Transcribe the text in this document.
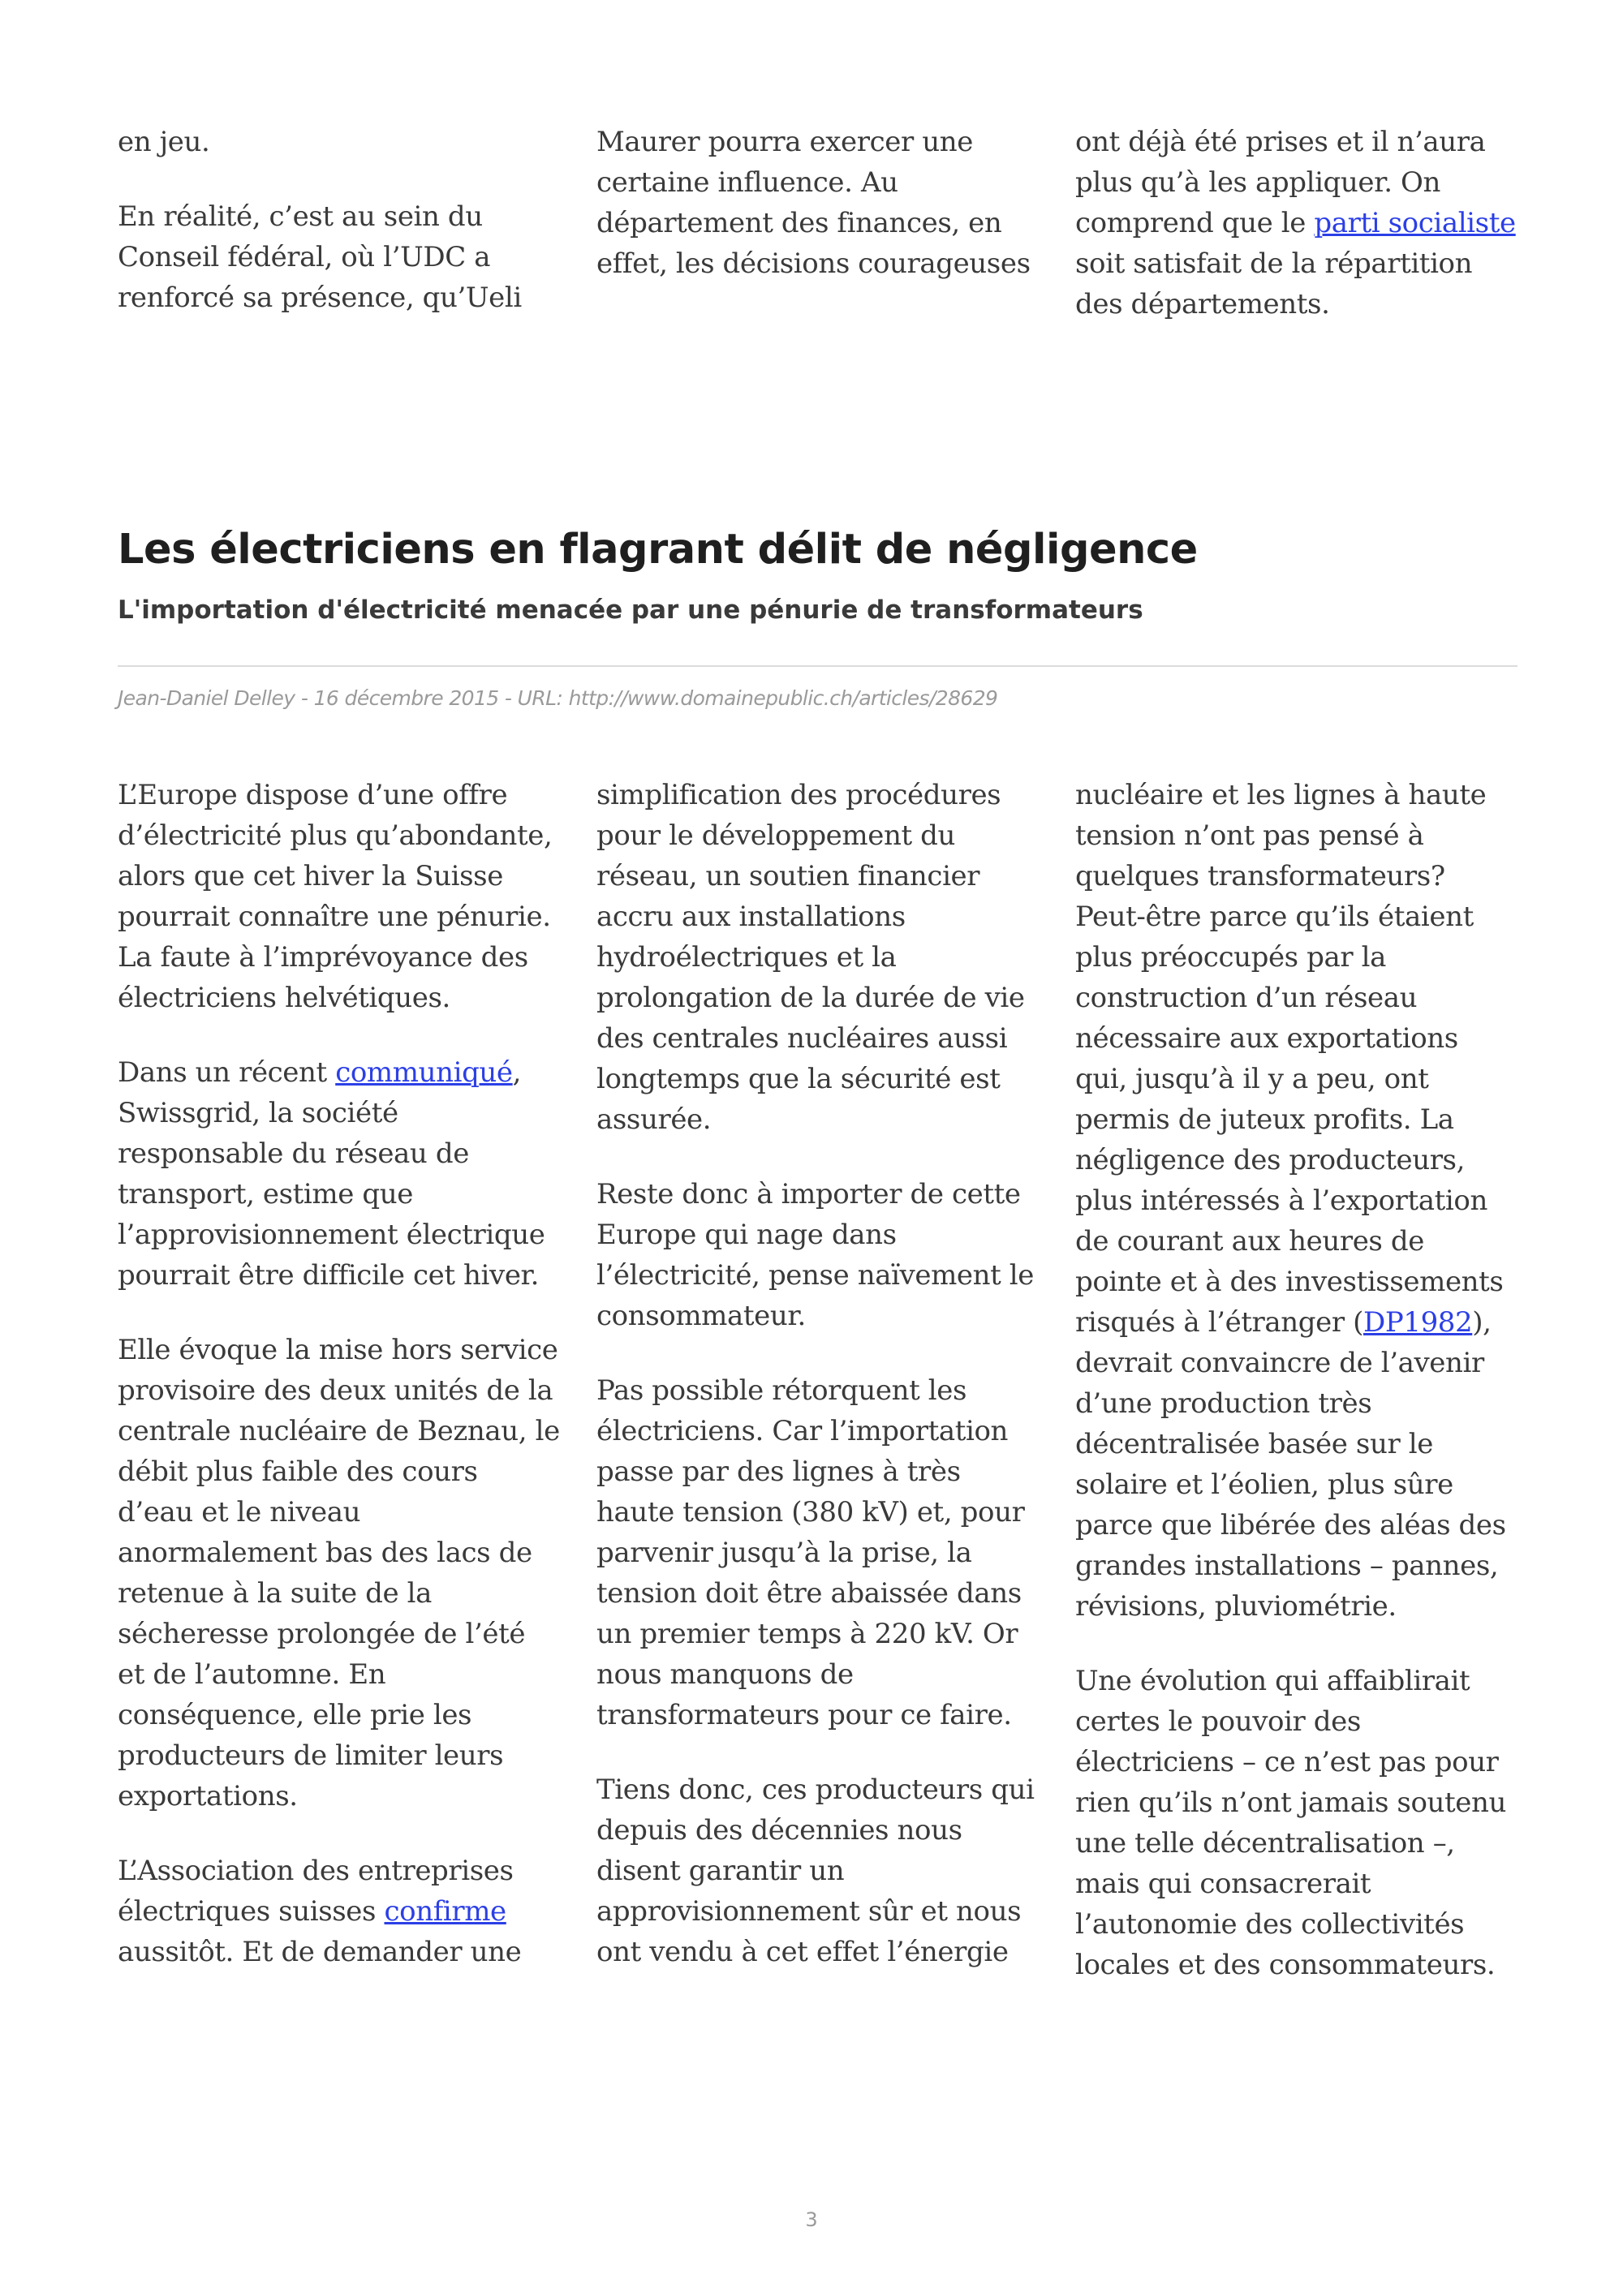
en jeu.

En réalité, c’est au sein du Conseil fédéral, où l’UDC a renforcé sa présence, qu’Ueli

Maurer pourra exercer une certaine influence. Au département des finances, en effet, les décisions courageuses

ont déjà été prises et il n’aura plus qu’à les appliquer. On comprend que le parti socialiste soit satisfait de la répartition des départements.

Les électriciens en flagrant délit de négligence
L'importation d'électricité menacée par une pénurie de transformateurs
Jean-Daniel Delley - 16 décembre 2015 - URL: http://www.domainepublic.ch/articles/28629

L’Europe dispose d’une offre d’électricité plus qu’abondante, alors que cet hiver la Suisse pourrait connaître une pénurie. La faute à l’imprévoyance des électriciens helvétiques.

Dans un récent communiqué, Swissgrid, la société responsable du réseau de transport, estime que l’approvisionnement électrique pourrait être difficile cet hiver.

Elle évoque la mise hors service provisoire des deux unités de la centrale nucléaire de Beznau, le débit plus faible des cours d’eau et le niveau anormalement bas des lacs de retenue à la suite de la sécheresse prolongée de l’été et de l’automne. En conséquence, elle prie les producteurs de limiter leurs exportations.

L’Association des entreprises électriques suisses confirme aussitôt. Et de demander une

simplification des procédures pour le développement du réseau, un soutien financier accru aux installations hydroélectriques et la prolongation de la durée de vie des centrales nucléaires aussi longtemps que la sécurité est assurée.

Reste donc à importer de cette Europe qui nage dans l’électricité, pense naïvement le consommateur.

Pas possible rétorquent les électriciens. Car l’importation passe par des lignes à très haute tension (380 kV) et, pour parvenir jusqu’à la prise, la tension doit être abaissée dans un premier temps à 220 kV. Or nous manquons de transformateurs pour ce faire.

Tiens donc, ces producteurs qui depuis des décennies nous disent garantir un approvisionnement sûr et nous ont vendu à cet effet l’énergie

nucléaire et les lignes à haute tension n’ont pas pensé à quelques transformateurs? Peut-être parce qu’ils étaient plus préoccupés par la construction d’un réseau nécessaire aux exportations qui, jusqu’à il y a peu, ont permis de juteux profits. La négligence des producteurs, plus intéressés à l’exportation de courant aux heures de pointe et à des investissements risqués à l’étranger (DP1982), devrait convaincre de l’avenir d’une production très décentralisée basée sur le solaire et l’éolien, plus sûre parce que libérée des aléas des grandes installations – pannes, révisions, pluviométrie.

Une évolution qui affaiblirait certes le pouvoir des électriciens – ce n’est pas pour rien qu’ils n’ont jamais soutenu une telle décentralisation –, mais qui consacrerait l’autonomie des collectivités locales et des consommateurs.

3
